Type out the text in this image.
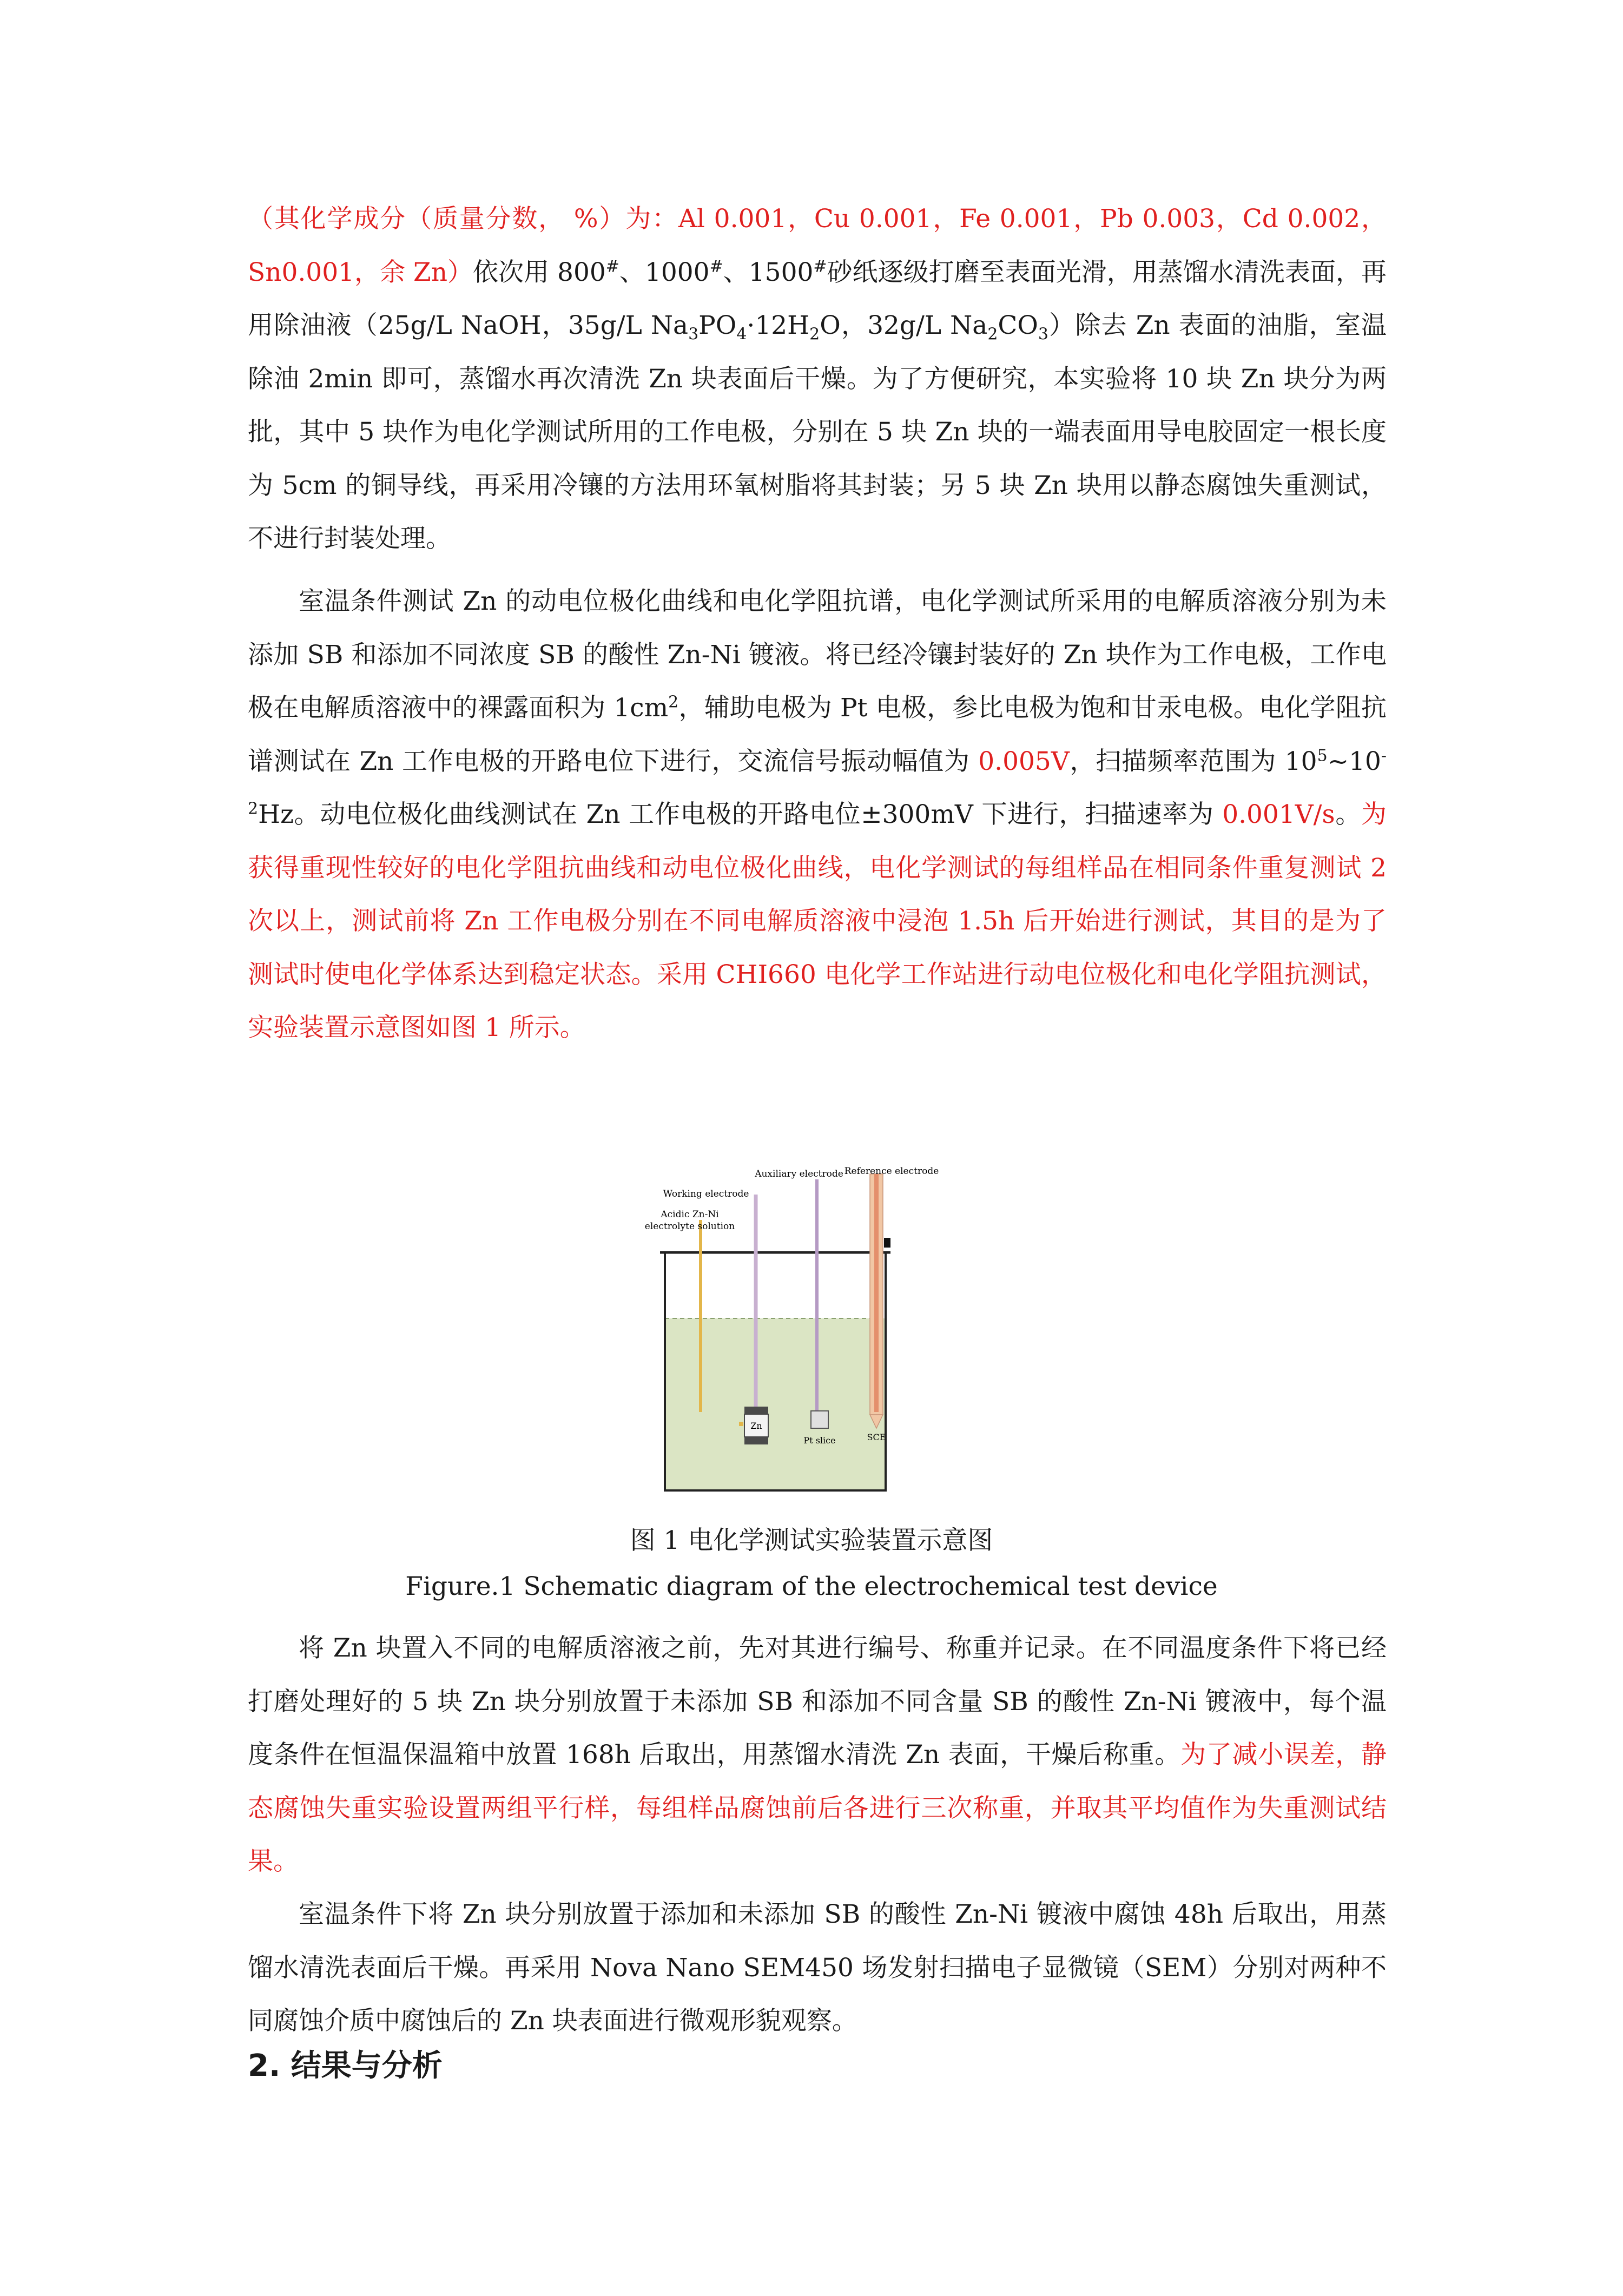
（其化学成分（质量分数， %）为：Al 0.001，Cu 0.001，Fe 0.001，Pb 0.003，Cd 0.002，Sn0.001，余 Zn）依次用 800#、1000#、1500#砂纸逐级打磨至表面光滑，用蒸馏水清洗表面，再用除油液（25g/L NaOH，35g/L $Na_3PO_4\cdot 12H_2O$，32g/L $Na_2CO_3$）除去 Zn 表面的油脂，室温除油 2min 即可，蒸馏水再次清洗 Zn 块表面后干燥。为了方便研究，本实验将 10 块 Zn 块分为两批，其中 5 块作为电化学测试所用的工作电极，分别在 5 块 Zn 块的一端表面用导电胶固定一根长度为 5cm 的铜导线，再采用冷镶的方法用环氧树脂将其封装；另 5 块 Zn 块用以静态腐蚀失重测试，不进行封装处理。

室温条件测试 Zn 的动电位极化曲线和电化学阻抗谱，电化学测试所采用的电解质溶液分别为未添加 SB 和添加不同浓度 SB 的酸性 Zn-Ni 镀液。将已经冷镶封装好的 Zn 块作为工作电极，工作电极在电解质溶液中的裸露面积为 $1cm^2$，辅助电极为 Pt 电极，参比电极为饱和甘汞电极。电化学阻抗谱测试在 Zn 工作电极的开路电位下进行，交流信号振动幅值为 0.005V，扫描频率范围为 $10^5\sim 10^{-2}Hz$。动电位极化曲线测试在 Zn 工作电极的开路电位±300mV 下进行，扫描速率为 0.001V/s。为获得重现性较好的电化学阻抗曲线和动电位极化曲线，电化学测试的每组样品在相同条件重复测试 2 次以上，测试前将 Zn 工作电极分别在不同电解质溶液中浸泡 1.5h 后开始进行测试，其目的是为了测试时使电化学体系达到稳定状态。采用 CHI660 电化学工作站进行动电位极化和电化学阻抗测试，实验装置示意图如图 1 所示。

Zn
Pt slice	SCE
Auxiliary electrode Reference electrode
Working electrode
Acidic Zn-Ni
electrolyte solution

图 1 电化学测试实验装置示意图

Figure.1 Schematic diagram of the electrochemical test device

将 Zn 块置入不同的电解质溶液之前，先对其进行编号、称重并记录。在不同温度条件下将已经打磨处理好的 5 块 Zn 块分别放置于未添加 SB 和添加不同含量 SB 的酸性 Zn-Ni 镀液中，每个温度条件在恒温保温箱中放置 168h 后取出，用蒸馏水清洗 Zn 表面，干燥后称重。为了减小误差，静态腐蚀失重实验设置两组平行样，每组样品腐蚀前后各进行三次称重，并取其平均值作为失重测试结果。

室温条件下将 Zn 块分别放置于添加和未添加 SB 的酸性 Zn-Ni 镀液中腐蚀 48h 后取出，用蒸馏水清洗表面后干燥。再采用 Nova Nano SEM450 场发射扫描电子显微镜（SEM）分别对两种不同腐蚀介质中腐蚀后的 Zn 块表面进行微观形貌观察。

2. 结果与分析
